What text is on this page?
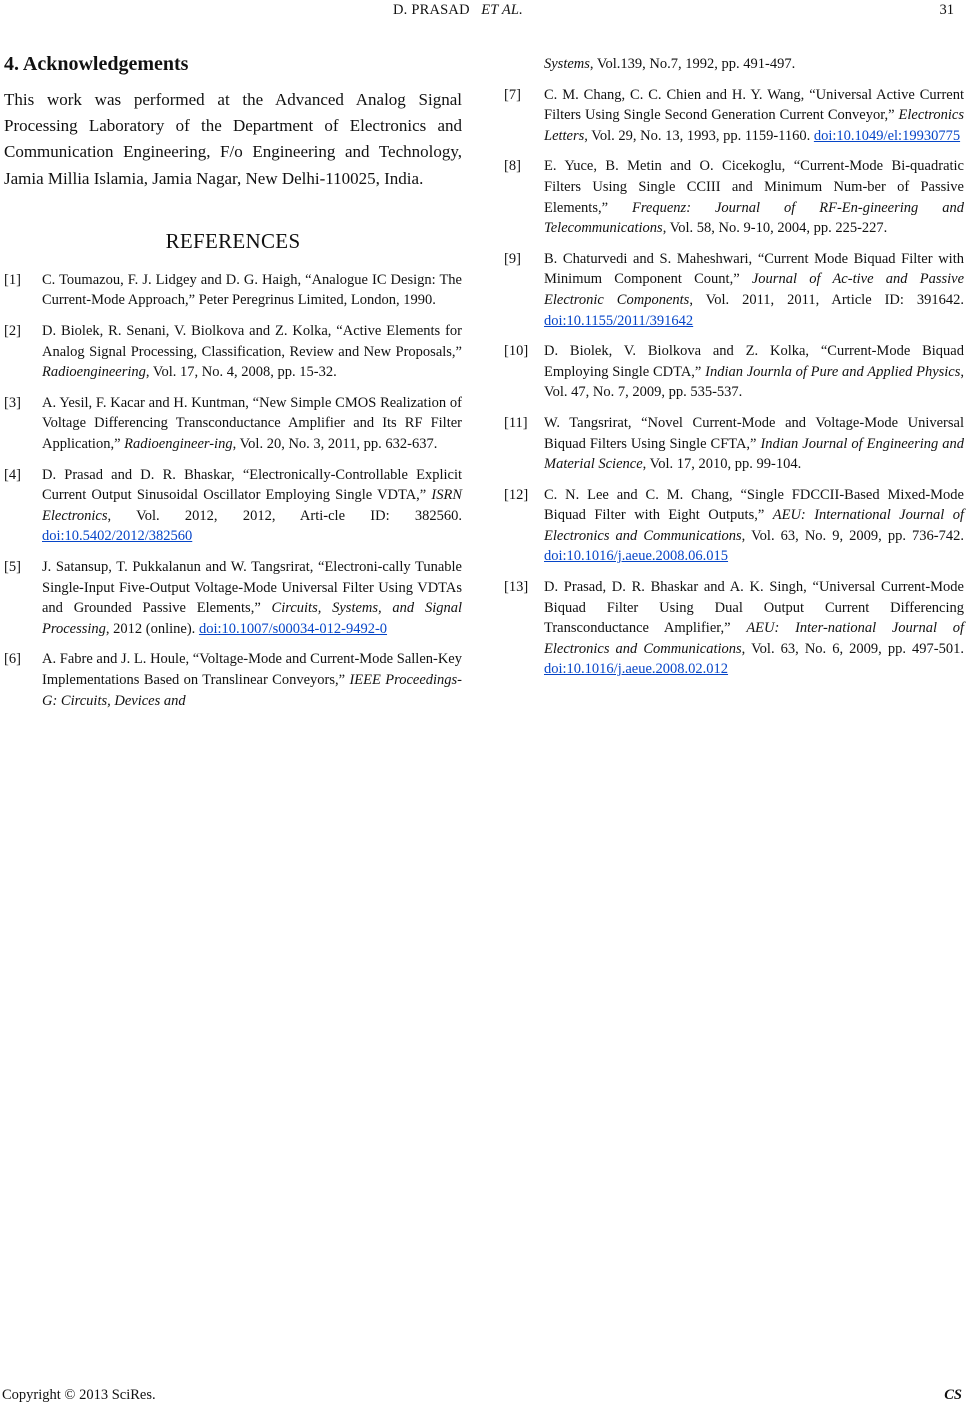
D. PRASAD ET AL.	31
4. Acknowledgements

This work was performed at the Advanced Analog Signal Processing Laboratory of the Department of Electronics and Communication Engineering, F/o Engineering and Technology, Jamia Millia Islamia, Jamia Nagar, New Delhi-110025, India.

REFERENCES
[1] C. Toumazou, F. J. Lidgey and D. G. Haigh, “Analogue IC Design: The Current-Mode Approach,” Peter Peregrinus Limited, London, 1990.
[2] D. Biolek, R. Senani, V. Biolkova and Z. Kolka, “Active Elements for Analog Signal Processing, Classification, Review and New Proposals,” Radioengineering, Vol. 17, No. 4, 2008, pp. 15-32.
[3] A. Yesil, F. Kacar and H. Kuntman, “New Simple CMOS Realization of Voltage Differencing Transconductance Amplifier and Its RF Filter Application,” Radioengineer-ing, Vol. 20, No. 3, 2011, pp. 632-637.
[4] D. Prasad and D. R. Bhaskar, “Electronically-Controllable Explicit Current Output Sinusoidal Oscillator Employing Single VDTA,” ISRN Electronics, Vol. 2012, 2012, Arti-cle ID: 382560. doi:10.5402/2012/382560
[5] J. Satansup, T. Pukkalanun and W. Tangsrirat, “Electroni-cally Tunable Single-Input Five-Output Voltage-Mode Universal Filter Using VDTAs and Grounded Passive Elements,” Circuits, Systems, and Signal Processing, 2012 (online). doi:10.1007/s00034-012-9492-0
[6] A. Fabre and J. L. Houle, “Voltage-Mode and Current-Mode Sallen-Key Implementations Based on Translinear Conveyors,” IEEE Proceedings-G: Circuits, Devices and
Systems, Vol.139, No.7, 1992, pp. 491-497.
[7] C. M. Chang, C. C. Chien and H. Y. Wang, “Universal Active Current Filters Using Single Second Generation Current Conveyor,” Electronics Letters, Vol. 29, No. 13, 1993, pp. 1159-1160. doi:10.1049/el:19930775
[8] E. Yuce, B. Metin and O. Cicekoglu, “Current-Mode Bi-quadratic Filters Using Single CCIII and Minimum Num-ber of Passive Elements,” Frequenz: Journal of RF-En-gineering and Telecommunications, Vol. 58, No. 9-10, 2004, pp. 225-227.
[9] B. Chaturvedi and S. Maheshwari, “Current Mode Biquad Filter with Minimum Component Count,” Journal of Ac-tive and Passive Electronic Components, Vol. 2011, 2011, Article ID: 391642. doi:10.1155/2011/391642
[10] D. Biolek, V. Biolkova and Z. Kolka, “Current-Mode Biquad Employing Single CDTA,” Indian Journla of Pure and Applied Physics, Vol. 47, No. 7, 2009, pp. 535-537.
[11] W. Tangsrirat, “Novel Current-Mode and Voltage-Mode Universal Biquad Filters Using Single CFTA,” Indian Journal of Engineering and Material Science, Vol. 17, 2010, pp. 99-104.
[12] C. N. Lee and C. M. Chang, “Single FDCCII-Based Mixed-Mode Biquad Filter with Eight Outputs,” AEU: International Journal of Electronics and Communications, Vol. 63, No. 9, 2009, pp. 736-742. doi:10.1016/j.aeue.2008.06.015
[13] D. Prasad, D. R. Bhaskar and A. K. Singh, “Universal Current-Mode Biquad Filter Using Dual Output Current Differencing Transconductance Amplifier,” AEU: Inter-national Journal of Electronics and Communications, Vol. 63, No. 6, 2009, pp. 497-501. doi:10.1016/j.aeue.2008.02.012
Copyright © 2013 SciRes.	CS
